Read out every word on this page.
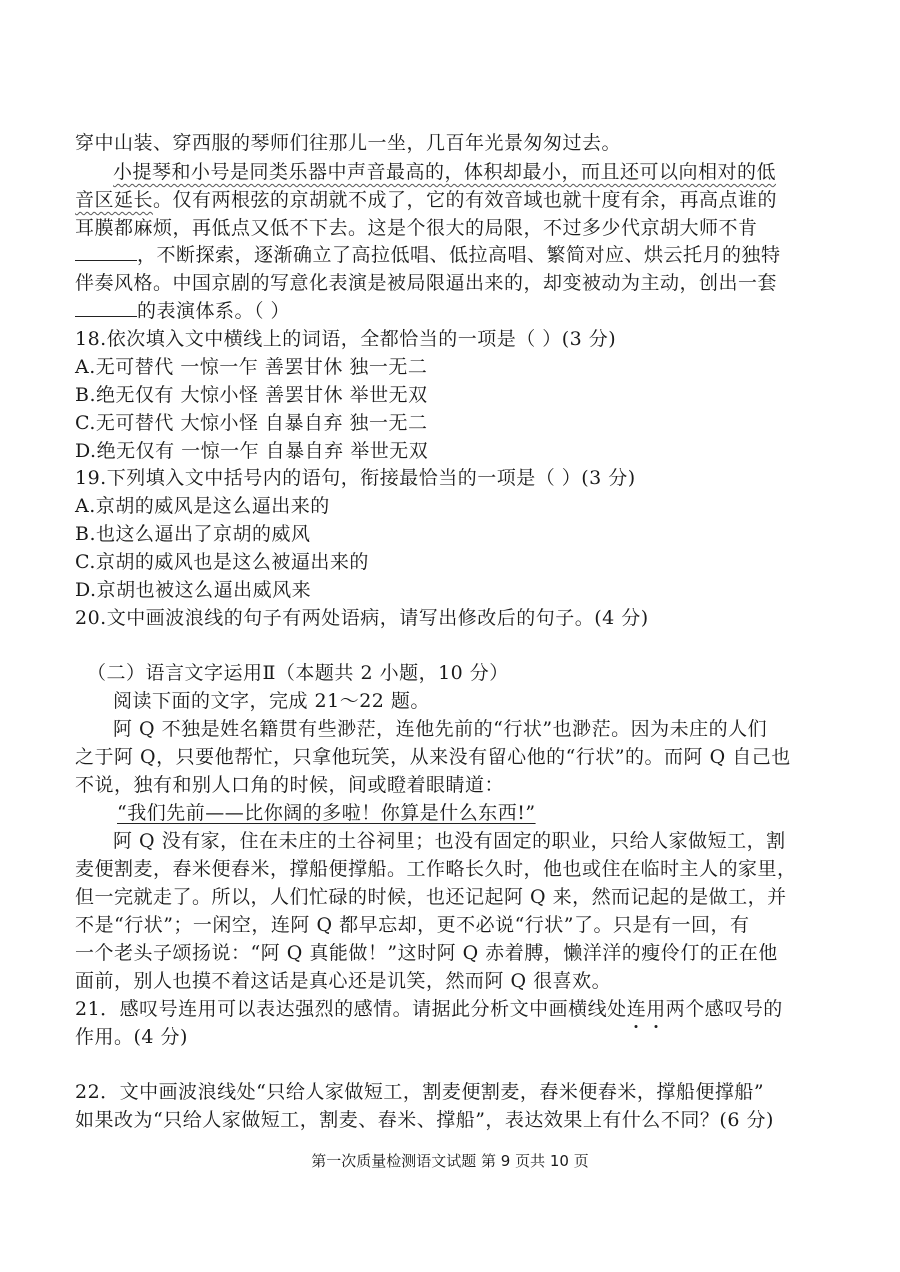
穿中山装、穿西服的琴师们往那儿一坐，几百年光景匆匆过去。
小提琴和小号是同类乐器中声音最高的，体积却最小，而且还可以向相对的低
音区延长。仅有两根弦的京胡就不成了，它的有效音域也就十度有余，再高点谁的
耳膜都麻烦，再低点又低不下去。这是个很大的局限，不过多少代京胡大师不肯
，不断探索，逐渐确立了高拉低唱、低拉高唱、繁简对应、烘云托月的独特
伴奏风格。中国京剧的写意化表演是被局限逼出来的，却变被动为主动，创出一套
的表演体系。（ ）
18.依次填入文中横线上的词语，全都恰当的一项是（ ）(3 分)
A.无可替代 一惊一乍 善罢甘休 独一无二
B.绝无仅有 大惊小怪 善罢甘休 举世无双
C.无可替代 大惊小怪 自暴自弃 独一无二
D.绝无仅有 一惊一乍 自暴自弃 举世无双
19.下列填入文中括号内的语句，衔接最恰当的一项是（ ）(3 分)
A.京胡的威风是这么逼出来的
B.也这么逼出了京胡的威风
C.京胡的威风也是这么被逼出来的
D.京胡也被这么逼出威风来
20.文中画波浪线的句子有两处语病，请写出修改后的句子。(4 分)
（二）语言文字运用Ⅱ（本题共 2 小题，10 分）
阅读下面的文字，完成 21～22 题。
阿 Q 不独是姓名籍贯有些渺茫，连他先前的“行状”也渺茫。因为未庄的人们
之于阿 Q，只要他帮忙，只拿他玩笑，从来没有留心他的“行状”的。而阿 Q 自己也
不说，独有和别人口角的时候，间或瞪着眼睛道：
“我们先前——比你阔的多啦！你算是什么东西!”
阿 Q 没有家，住在未庄的土谷祠里；也没有固定的职业，只给人家做短工，割
麦便割麦，舂米便舂米，撑船便撑船。工作略长久时，他也或住在临时主人的家里，
但一完就走了。所以，人们忙碌的时候，也还记起阿 Q 来，然而记起的是做工，并
不是“行状”；一闲空，连阿 Q 都早忘却，更不必说“行状”了。只是有一回，有
一个老头子颂扬说：“阿 Q 真能做！”这时阿 Q 赤着膊，懒洋洋的瘦伶仃的正在他
面前，别人也摸不着这话是真心还是讥笑，然而阿 Q 很喜欢。
21．感叹号连用可以表达强烈的感情。请据此分析文中画横线处连用两个感叹号的
作用。(4 分)
22．文中画波浪线处“只给人家做短工，割麦便割麦，舂米便舂米，撑船便撑船”
如果改为“只给人家做短工，割麦、舂米、撑船”，表达效果上有什么不同？(6 分)
第一次质量检测语文试题 第 9 页共 10 页
